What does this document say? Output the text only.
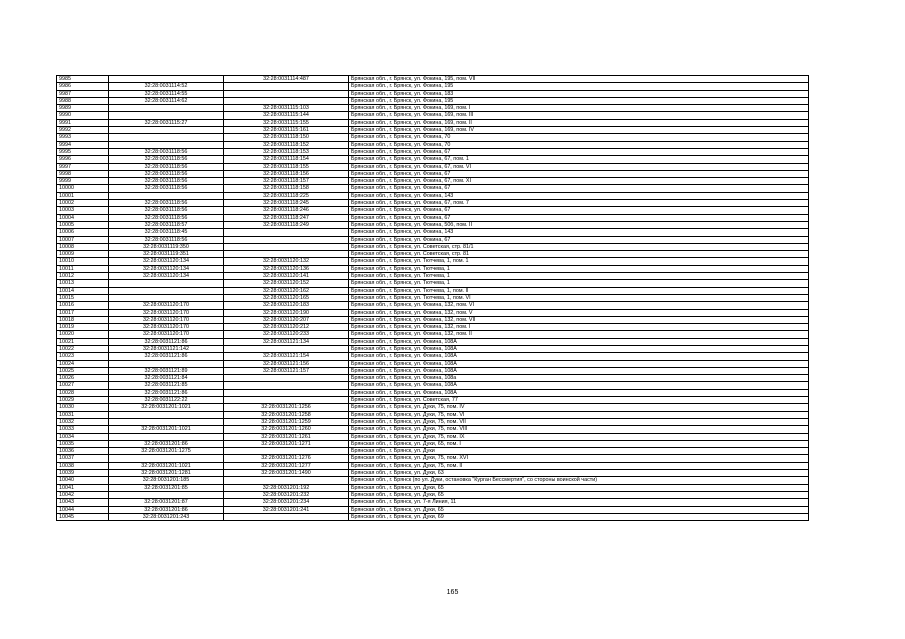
9985		32:28:0031114:487	Брянская обл., г. Брянск, ул. Фокина, 195, пом. VII
9986	32:28:0031114:52		Брянская обл., г. Брянск, ул. Фокина, 195
9987	32:28:0031114:55		Брянская обл., г. Брянск, ул. Фокина, 183
9988	32:28:0031114:62		Брянская обл., г. Брянск, ул. Фокина, 195
9989		32:28:0031115:103	Брянская обл., г. Брянск, ул. Фокина, 169, пом. I
9990		32:28:0031115:144	Брянская обл., г. Брянск, ул. Фокина, 169, пом. III
9991	32:28:0031115:27	32:28:0031115:155	Брянская обл., г. Брянск, ул. Фокина, 169, пом. II
9992		32:28:0031115:161	Брянская обл., г. Брянск, ул. Фокина, 169, пом. IV
9993		32:28:0031118:150	Брянская обл., г. Брянск, ул. Фокина, 70
9994		32:28:0031118:152	Брянская обл., г. Брянск, ул. Фокина, 70
9995	32:28:0031118:56	32:28:0031118:153	Брянская обл., г. Брянск, ул. Фокина, 67
9996	32:28:0031118:56	32:28:0031118:154	Брянская обл., г. Брянск, ул. Фокина, 67, пом. 1
9997	32:28:0031118:56	32:28:0031118:155	Брянская обл., г. Брянск, ул. Фокина, 67, пом. VI
9998	32:28:0031118:56	32:28:0031118:156	Брянская обл., г. Брянск, ул. Фокина, 67
9999	32:28:0031118:56	32:28:0031118:157	Брянская обл., г. Брянск, ул. Фокина, 67, пом. XI
10000	32:28:0031118:56	32:28:0031118:158	Брянская обл., г. Брянск, ул. Фокина, 67
10001		32:28:0031118:225	Брянская обл., г. Брянск, ул. Фокина, 143
10002	32:28:0031118:56	32:28:0031118:245	Брянская обл., г. Брянск, ул. Фокина, 67, пом. 7
10003	32:28:0031118:56	32:28:0031118:246	Брянская обл., г. Брянск, ул. Фокина, 67
10004	32:28:0031118:56	32:28:0031118:247	Брянская обл., г. Брянск, ул. Фокина, 67
10005	32:28:0031118:57	32:28:0031118:249	Брянская обл., г. Брянск, ул. Фокина, 50б, пом. II
10006	32:28:0031118:45		Брянская обл., г. Брянск, ул. Фокина, 143
10007	32:28:0031118:56		Брянская обл., г. Брянск, ул. Фокина, 67
10008	32:28:0031119:350		Брянская обл., г. Брянск, ул. Советская, стр. 81/1
10009	32:28:0031119:351		Брянская обл., г. Брянск, ул. Советская, стр. 81
10010	32:28:0031120:134	32:28:0031120:132	Брянская обл., г. Брянск, ул. Тютчева, 1, пом. 1
10011	32:28:0031120:134	32:28:0031120:136	Брянская обл., г. Брянск, ул. Тютчева, 1
10012	32:28:0031120:134	32:28:0031120:141	Брянская обл., г. Брянск, ул. Тютчева, 1
10013		32:28:0031120:152	Брянская обл., г. Брянск, ул. Тютчева, 1
10014		32:28:0031120:162	Брянская обл., г. Брянск, ул. Тютчева, 1, пом. II
10015		32:28:0031120:165	Брянская обл., г. Брянск, ул. Тютчева, 1, пом. VI
10016	32:28:0031120:170	32:28:0031120:183	Брянская обл., г. Брянск, ул. Фокина, 132, пом. VI
10017	32:28:0031120:170	32:28:0031120:190	Брянская обл., г. Брянск, ул. Фокина, 132, пом. V
10018	32:28:0031120:170	32:28:0031120:207	Брянская обл., г. Брянск, ул. Фокина, 132, пом. VII
10019	32:28:0031120:170	32:28:0031120:212	Брянская обл., г. Брянск, ул. Фокина, 132, пом. I
10020	32:28:0031120:170	32:28:0031120:233	Брянская обл., г. Брянск, ул. Фокина, 132, пом. II
10021	32:28:0031121:86	32:28:0031121:134	Брянская обл., г. Брянск, ул. Фокина, 108А
10022	32:28:0031121:142		Брянская обл., г. Брянск, ул. Фокина, 108А
10023	32:28:0031121:86	32:28:0031121:154	Брянская обл., г. Брянск, ул. Фокина, 108А
10024		32:28:0031121:156	Брянская обл., г. Брянск, ул. Фокина, 108А
10025	32:28:0031121:89	32:28:0031121:157	Брянская обл., г. Брянск, ул. Фокина, 108А
10026	32:28:0031121:84		Брянская обл., г. Брянск, ул. Фокина, 108а
10027	32:28:0031121:85		Брянская обл., г. Брянск, ул. Фокина, 108А
10028	32:28:0031121:86		Брянская обл., г. Брянск, ул. Фокина, 108А
10029	32:28:0031122:22		Брянская обл., г. Брянск, ул. Советская, 77
10030	32:28:0031201:1021	32:28:0031201:1256	Брянская обл., г. Брянск, ул. Дуки, 75, пом. IV
10031		32:28:0031201:1258	Брянская обл., г. Брянск, ул. Дуки, 75, пом. VI
10032		32:28:0031201:1259	Брянская обл., г. Брянск, ул. Дуки, 75, пом. VII
10033	32:28:0031201:1021	32:28:0031201:1260	Брянская обл., г. Брянск, ул. Дуки, 75, пом. VIII
10034		32:28:0031201:1261	Брянская обл., г. Брянск, ул. Дуки, 75, пом. IX
10035	32:28:0031201:86	32:28:0031201:1271	Брянская обл., г. Брянск, ул. Дуки, 65, пом. I
10036	32:28:0031201:1275		Брянская обл., г. Брянск, ул. Дуки
10037		32:28:0031201:1276	Брянская обл., г. Брянск, ул. Дуки, 75, пом. XVI
10038	32:28:0031201:1021	32:28:0031201:1277	Брянская обл., г. Брянск, ул. Дуки, 75, пом. II
10039	32:28:0031201:1281	32:28:0031201:1490	Брянская обл., г. Брянск, ул. Дуки, 63
10040	32:28:0031201:185		Брянская обл., г. Брянск (по ул. Дуки, остановка "Курган Бессмертия", со стороны воинской части)
10041	32:28:0031201:85	32:28:0031201:192	Брянская обл., г. Брянск, ул. Дуки, 65
10042		32:28:0031201:232	Брянская обл., г. Брянск, ул. Дуки, 65
10043	32:28:0031201:87	32:28:0031201:234	Брянская обл., г. Брянск, ул. 7-я Линия, 11
10044	32:28:0031201:86	32:28:0031201:241	Брянская обл., г. Брянск, ул. Дуки, 65
10045	32:28:0031201:243		Брянская обл., г. Брянск, ул. Дуки, 69
165
